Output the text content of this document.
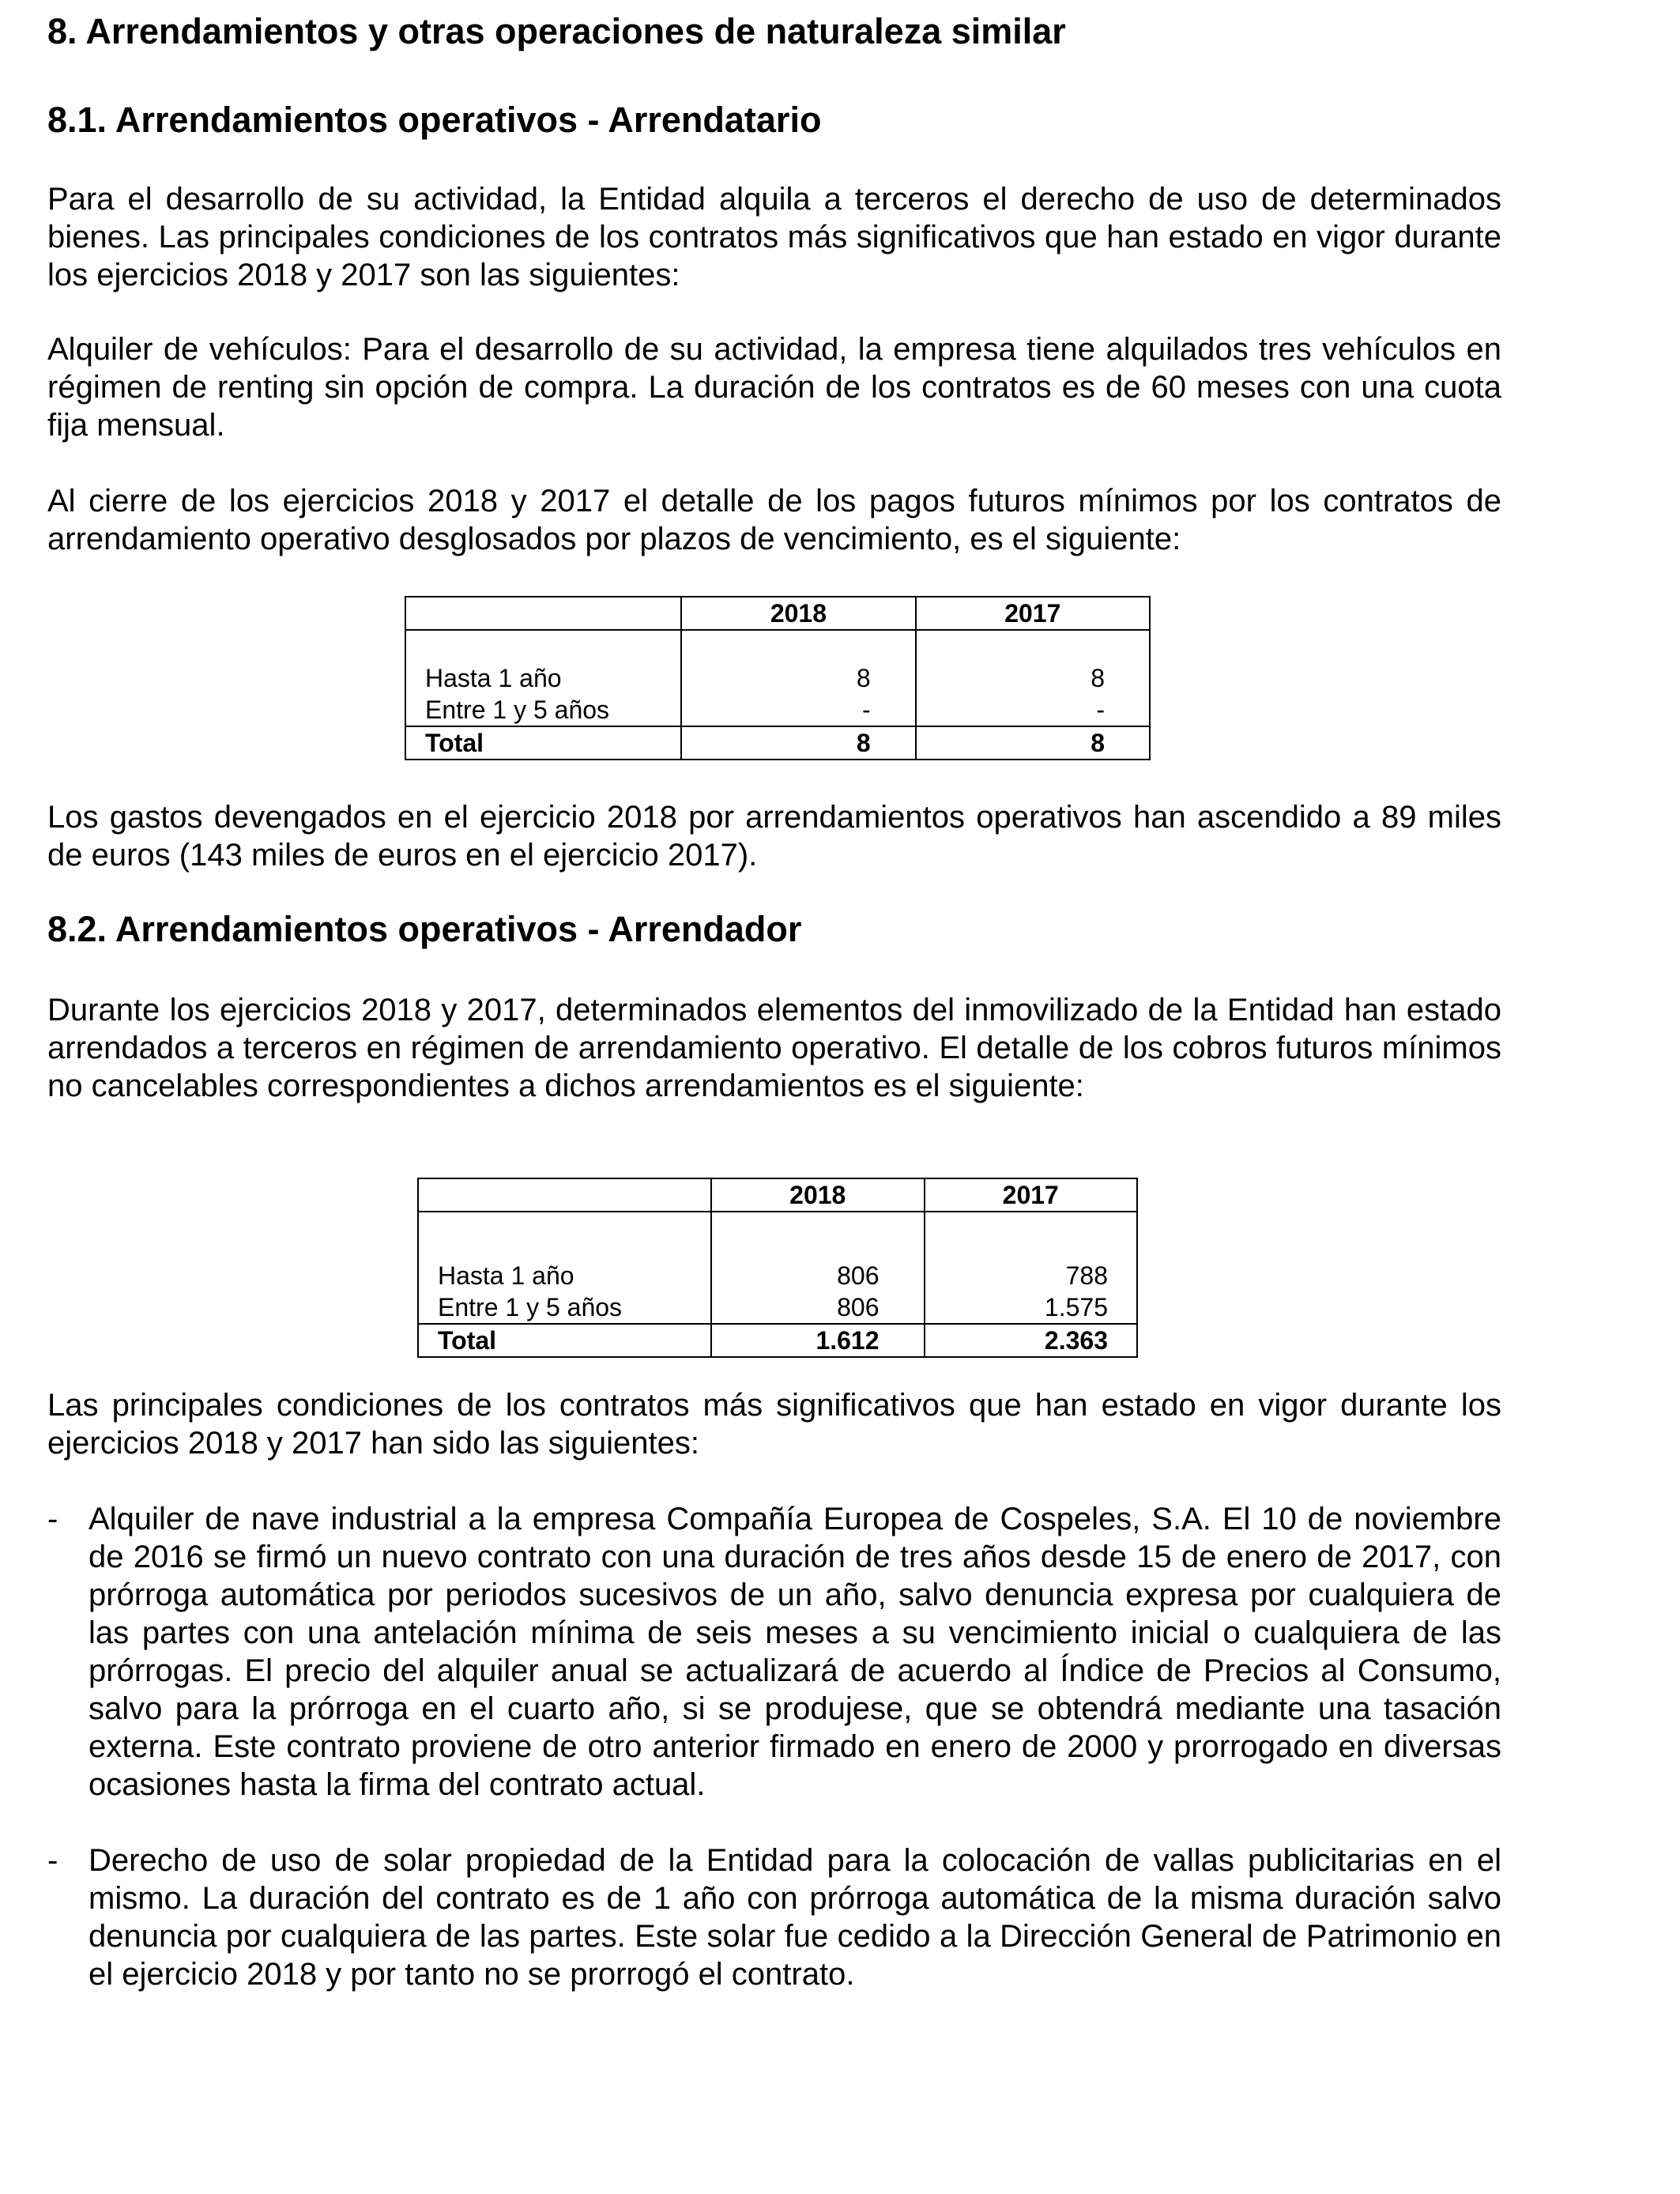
8. Arrendamientos y otras operaciones de naturaleza similar
8.1. Arrendamientos operativos - Arrendatario

Para el desarrollo de su actividad, la Entidad alquila a terceros el derecho de uso de determinados bienes. Las principales condiciones de los contratos más significativos que han estado en vigor durante los ejercicios 2018 y 2017 son las siguientes:

Alquiler de vehículos: Para el desarrollo de su actividad, la empresa tiene alquilados tres vehículos en régimen de renting sin opción de compra. La duración de los contratos es de 60 meses con una cuota fija mensual.

Al cierre de los ejercicios 2018 y 2017 el detalle de los pagos futuros mínimos por los contratos de arrendamiento operativo desglosados por plazos de vencimiento, es el siguiente:

	2018	2017

Hasta 1 año	8	8
Entre 1 y 5 años	-	-
Total	8	8

Los gastos devengados en el ejercicio 2018 por arrendamientos operativos han ascendido a 89 miles de euros (143 miles de euros en el ejercicio 2017).

8.2. Arrendamientos operativos - Arrendador

Durante los ejercicios 2018 y 2017, determinados elementos del inmovilizado de la Entidad han estado arrendados a terceros en régimen de arrendamiento operativo. El detalle de los cobros futuros mínimos no cancelables correspondientes a dichos arrendamientos es el siguiente:

	2018	2017

Hasta 1 año	806	788
Entre 1 y 5 años	806	1.575
Total	1.612	2.363

Las principales condiciones de los contratos más significativos que han estado en vigor durante los ejercicios 2018 y 2017 han sido las siguientes:

- Alquiler de nave industrial a la empresa Compañía Europea de Cospeles, S.A. El 10 de noviembre de 2016 se firmó un nuevo contrato con una duración de tres años desde 15 de enero de 2017, con prórroga automática por periodos sucesivos de un año, salvo denuncia expresa por cualquiera de las partes con una antelación mínima de seis meses a su vencimiento inicial o cualquiera de las prórrogas. El precio del alquiler anual se actualizará de acuerdo al Índice de Precios al Consumo, salvo para la prórroga en el cuarto año, si se produjese, que se obtendrá mediante una tasación externa. Este contrato proviene de otro anterior firmado en enero de 2000 y prorrogado en diversas ocasiones hasta la firma del contrato actual.
- Derecho de uso de solar propiedad de la Entidad para la colocación de vallas publicitarias en el mismo. La duración del contrato es de 1 año con prórroga automática de la misma duración salvo denuncia por cualquiera de las partes. Este solar fue cedido a la Dirección General de Patrimonio en el ejercicio 2018 y por tanto no se prorrogó el contrato.
